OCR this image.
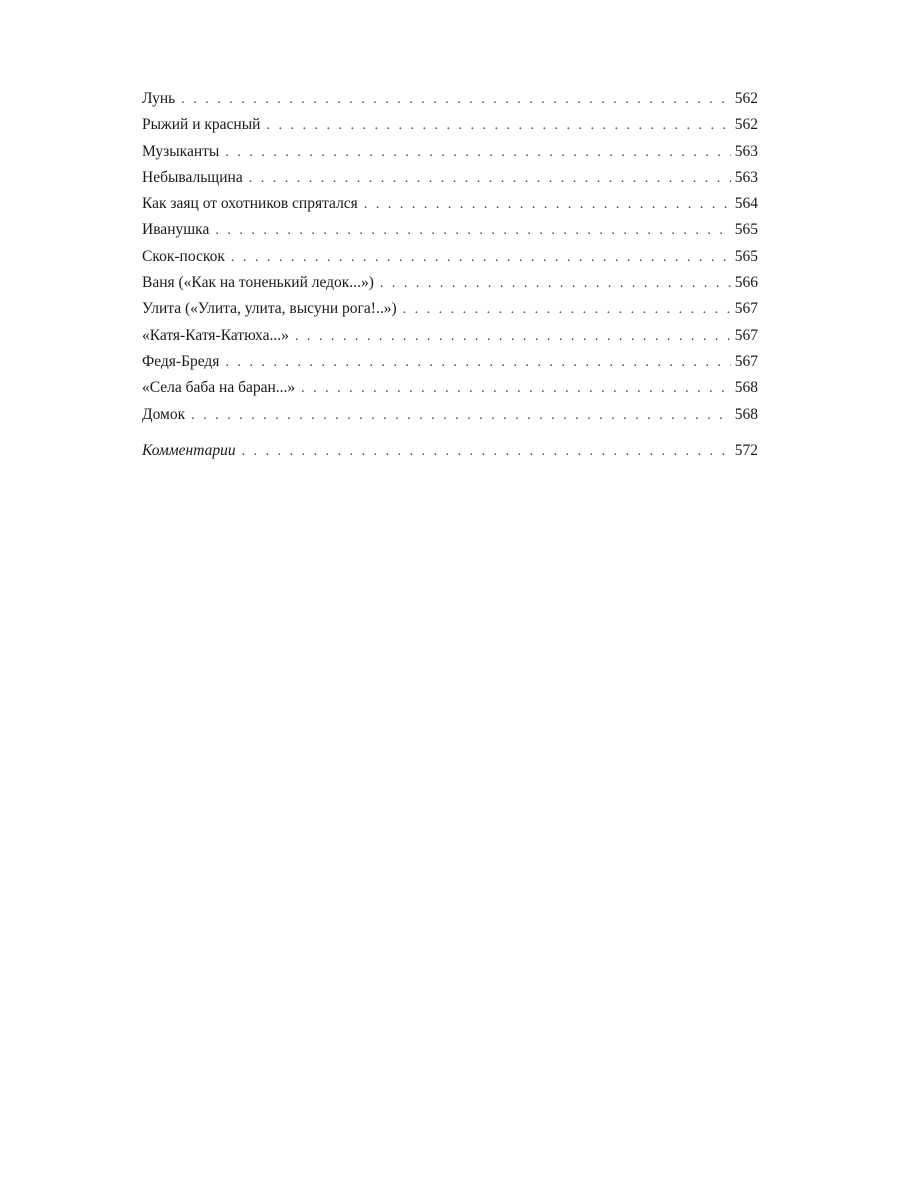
Лунь . . .	562
Рыжий и красный . . .	562
Музыканты . . .	563
Небывальщина . . .	563
Как заяц от охотников спрятался . . .	564
Иванушка . . .	565
Скок-поскок . . .	565
Ваня («Как на тоненький ледок...») . . .	566
Улита («Улита, улита, высуни рога!..») . . .	567
«Катя-Катя-Катюха...» . . .	567
Федя-Бредя . . .	567
«Села баба на баран...» . . .	568
Домок . . .	568
Комментарии . . .	572
